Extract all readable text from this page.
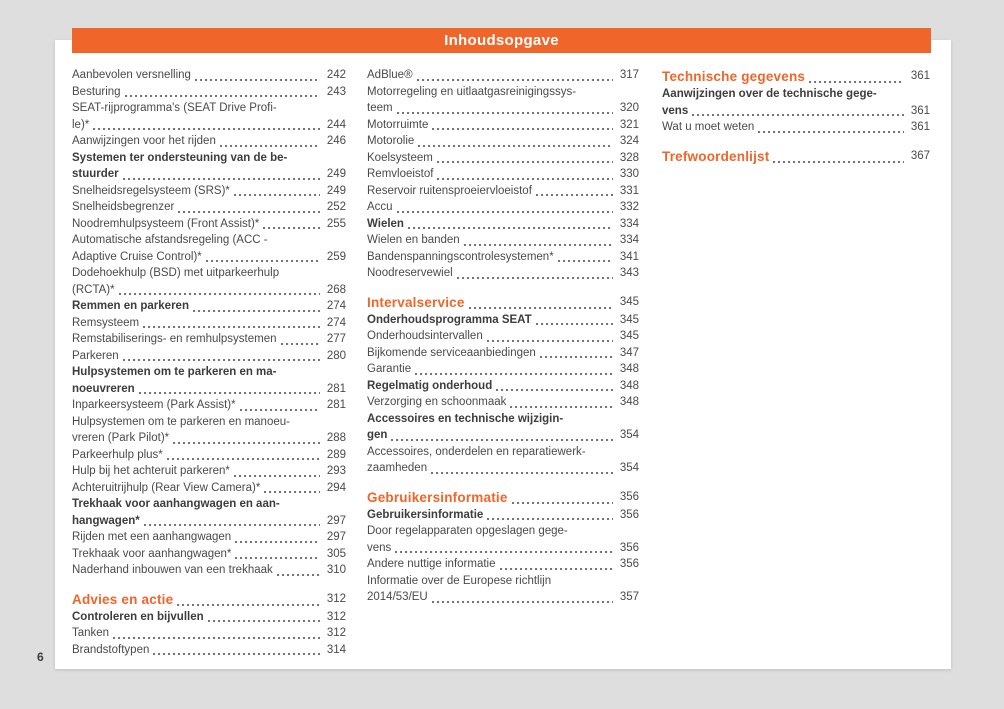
Inhoudsopgave
Aanbevolen versnelling	242
Besturing	243
SEAT-rijprogramma's (SEAT Drive Profi-
le)*	244
Aanwijzingen voor het rijden	246
Systemen ter ondersteuning van de be-
stuurder	249
Snelheidsregelsysteem (SRS)*	249
Snelheidsbegrenzer	252
Noodremhulpsysteem (Front Assist)*	255
Automatische afstandsregeling (ACC -
Adaptive Cruise Control)*	259
Dodehoekhulp (BSD) met uitparkeerhulp
(RCTA)*	268
Remmen en parkeren	274
Remsysteem	274
Remstabiliserings- en remhulpsystemen	277
Parkeren	280
Hulpsystemen om te parkeren en ma-
noeuvreren	281
Inparkeersysteem (Park Assist)*	281
Hulpsystemen om te parkeren en manoeu-
vreren (Park Pilot)*	288
Parkeerhulp plus*	289
Hulp bij het achteruit parkeren*	293
Achteruitrijhulp (Rear View Camera)*	294
Trekhaak voor aanhangwagen en aan-
hangwagen*	297
Rijden met een aanhangwagen	297
Trekhaak voor aanhangwagen*	305
Naderhand inbouwen van een trekhaak	310
Advies en actie	312
Controleren en bijvullen	312
Tanken	312
Brandstoftypen	314
AdBlue®	317
Motorregeling en uitlaatgasreinigingssys-
teem	320
Motorruimte	321
Motorolie	324
Koelsysteem	328
Remvloeistof	330
Reservoir ruitensproeiervloeistof	331
Accu	332
Wielen	334
Wielen en banden	334
Bandenspanningscontrolesystemen*	341
Noodreservewiel	343
Intervalservice	345
Onderhoudsprogramma SEAT	345
Onderhoudsintervallen	345
Bijkomende serviceaanbiedingen	347
Garantie	348
Regelmatig onderhoud	348
Verzorging en schoonmaak	348
Accessoires en technische wijzigin-
gen	354
Accessoires, onderdelen en reparatiewerk-
zaamheden	354
Gebruikersinformatie	356
Gebruikersinformatie	356
Door regelapparaten opgeslagen gege-
vens	356
Andere nuttige informatie	356
Informatie over de Europese richtlijn
2014/53/EU	357
Technische gegevens	361
Aanwijzingen over de technische gege-
vens	361
Wat u moet weten	361
Trefwoordenlijst	367
6
